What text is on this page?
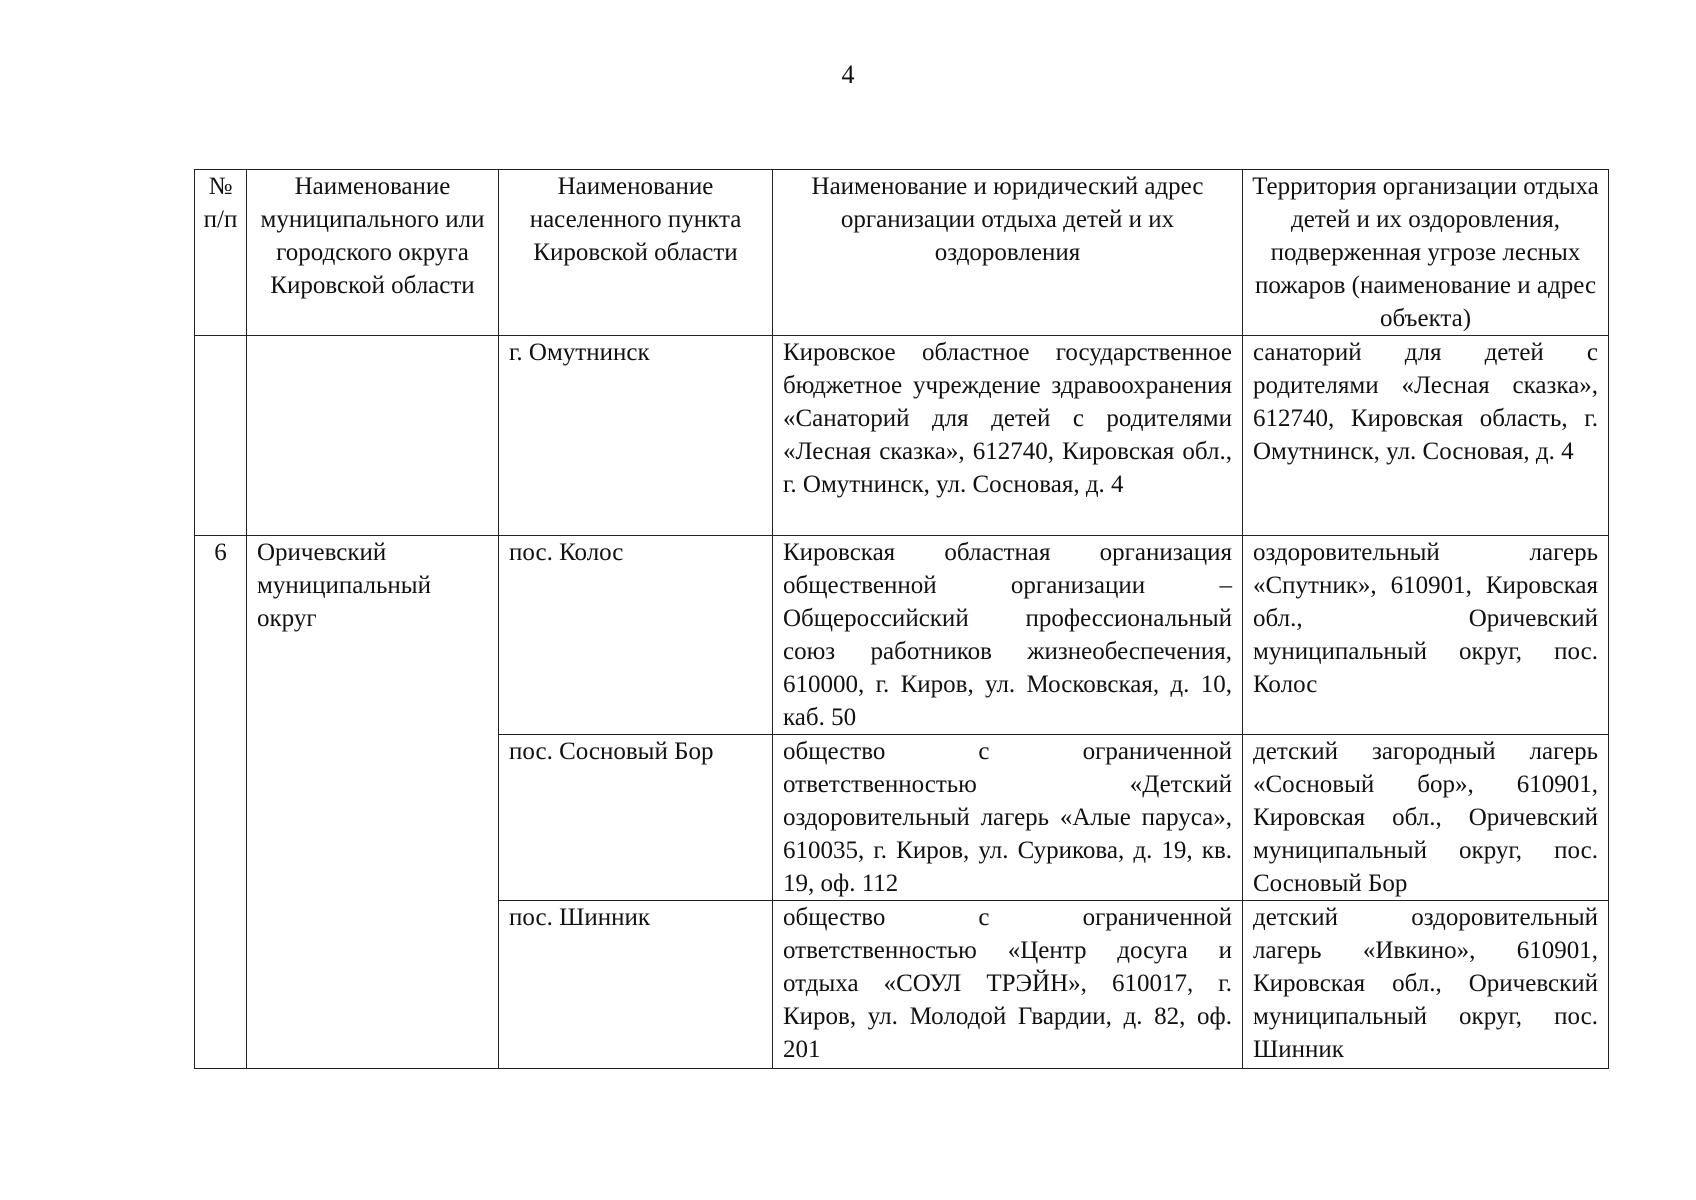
4
№ п/п	Наименование муниципального или городского округа Кировской области	Наименование населенного пункта Кировской области	Наименование и юридический адрес организации отдыха детей и их оздоровления	Территория организации отдыха детей и их оздоровления, подверженная угрозе лесных пожаров (наименование и адрес объекта)
		г. Омутнинск	Кировское областное государственное бюджетное учреждение здравоохранения «Санаторий для детей с родителями «Лесная сказка», 612740, Кировская обл., г. Омутнинск, ул. Сосновая, д. 4	санаторий для детей с родителями «Лесная сказка», 612740, Кировская область, г. Омутнинск, ул. Сосновая, д. 4
6	Оричевский муниципальный округ	пос. Колос	Кировская областная организация общественной организации – Общероссийский профессиональный союз работников жизнеобеспечения, 610000, г. Киров, ул. Московская, д. 10, каб. 50	оздоровительный лагерь «Спутник», 610901, Кировская обл., Оричевский муниципальный округ, пос. Колос
		пос. Сосновый Бор	общество с ограниченной ответственностью «Детский оздоровительный лагерь «Алые паруса», 610035, г. Киров, ул. Сурикова, д. 19, кв. 19, оф. 112	детский загородный лагерь «Сосновый бор», 610901, Кировская обл., Оричевский муниципальный округ, пос. Сосновый Бор
		пос. Шинник	общество с ограниченной ответственностью «Центр досуга и отдыха «СОУЛ ТРЭЙН», 610017, г. Киров, ул. Молодой Гвардии, д. 82, оф. 201	детский оздоровительный лагерь «Ивкино», 610901, Кировская обл., Оричевский муниципальный округ, пос. Шинник
